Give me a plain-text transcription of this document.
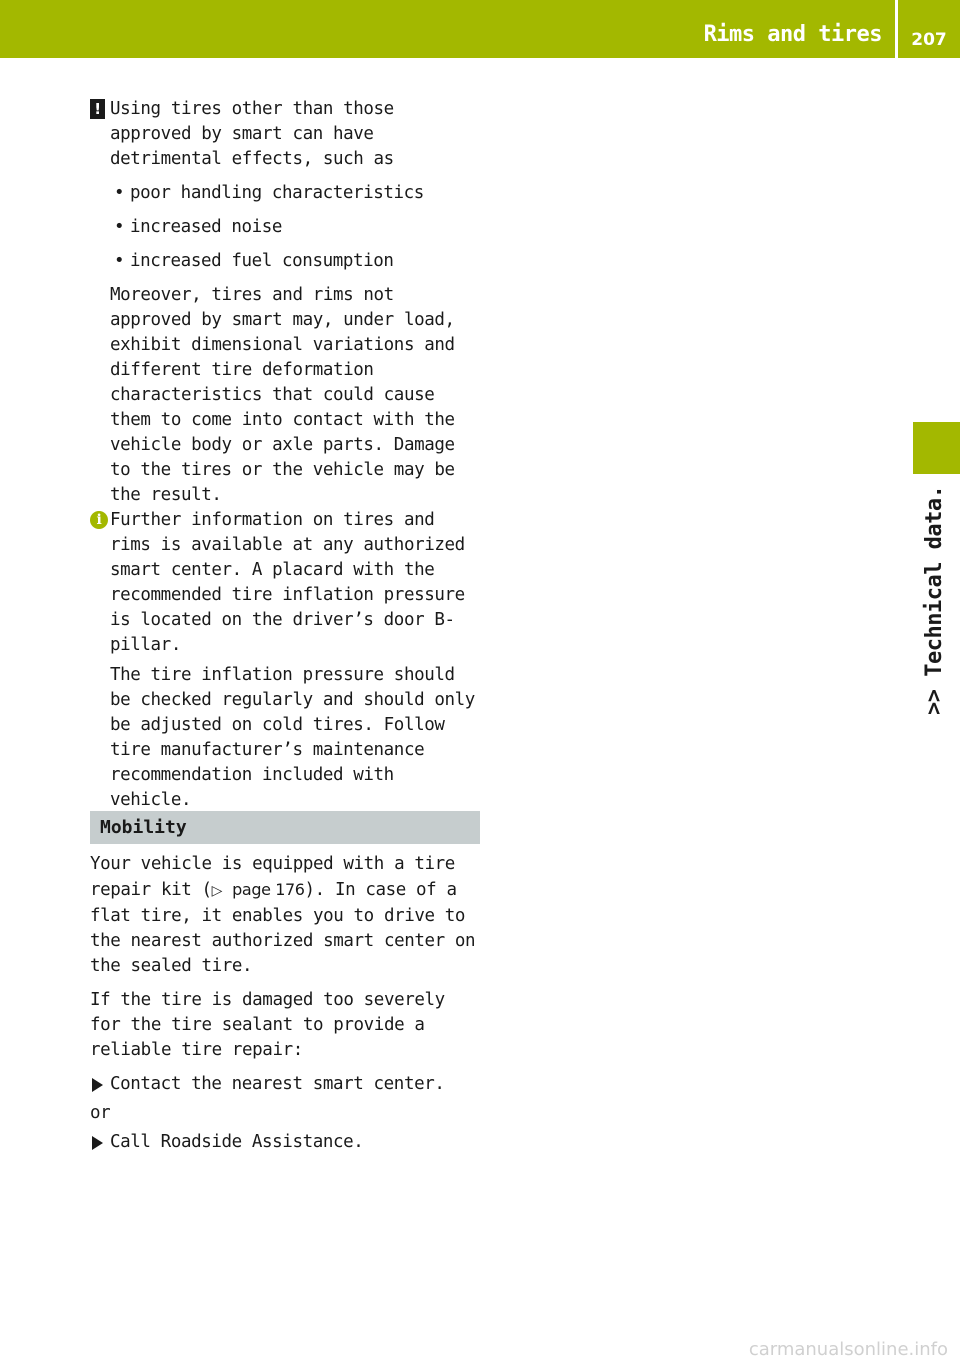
Rims and tires	207
>> Technical data.

! Using tires other than those approved by smart can have detrimental effects, such as

• poor handling characteristics

• increased noise

• increased fuel consumption

Moreover, tires and rims not approved by smart may, under load, exhibit dimensional variations and different tire deformation characteristics that could cause them to come into contact with the vehicle body or axle parts. Damage to the tires or the vehicle may be the result.

i Further information on tires and rims is available at any authorized smart center. A placard with the recommended tire inflation pressure is located on the driver’s door B-pillar.

The tire inflation pressure should be checked regularly and should only be adjusted on cold tires. Follow tire manufacturer’s maintenance recommendation included with vehicle.

Mobility

Your vehicle is equipped with a tire repair kit (▷ page 176). In case of a flat tire, it enables you to drive to the nearest authorized smart center on the sealed tire.

If the tire is damaged too severely for the tire sealant to provide a reliable tire repair:

Contact the nearest smart center.

or

Call Roadside Assistance.

carmanualsonline.info
